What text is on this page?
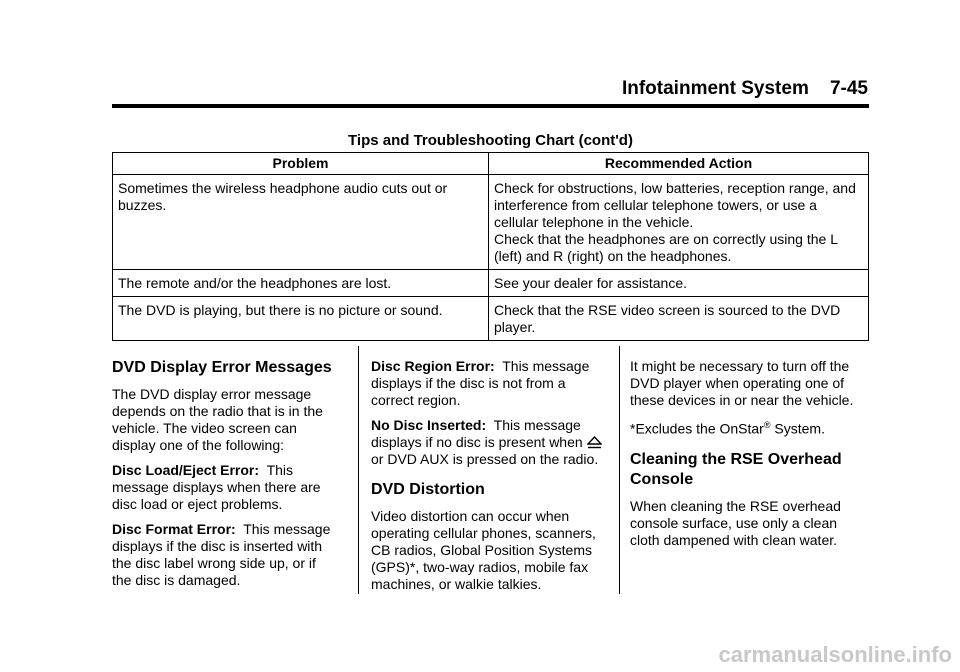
Infotainment System 7-45
Tips and Troubleshooting Chart (cont'd)
Problem	Recommended Action
Sometimes the wireless headphone audio cuts out or buzzes.	Check for obstructions, low batteries, reception range, and interference from cellular telephone towers, or use a cellular telephone in the vehicle.
Check that the headphones are on correctly using the L (left) and R (right) on the headphones.

The remote and/or the headphones are lost.	See your dealer for assistance.

The DVD is playing, but there is no picture or sound.	Check that the RSE video screen is sourced to the DVD player.
DVD Display Error Messages

The DVD display error message depends on the radio that is in the vehicle. The video screen can display one of the following:

Disc Load/Eject Error: This message displays when there are disc load or eject problems.

Disc Format Error: This message displays if the disc is inserted with the disc label wrong side up, or if the disc is damaged.

Disc Region Error: This message displays if the disc is not from a correct region.

No Disc Inserted: This message displays if no disc is present when or DVD AUX is pressed on the radio.

DVD Distortion

Video distortion can occur when operating cellular phones, scanners, CB radios, Global Position Systems (GPS)*, two-way radios, mobile fax machines, or walkie talkies.

It might be necessary to turn off the DVD player when operating one of these devices in or near the vehicle.

*Excludes the OnStar® System.

Cleaning the RSE Overhead Console

When cleaning the RSE overhead console surface, use only a clean cloth dampened with clean water.

carmanualsonline.info
